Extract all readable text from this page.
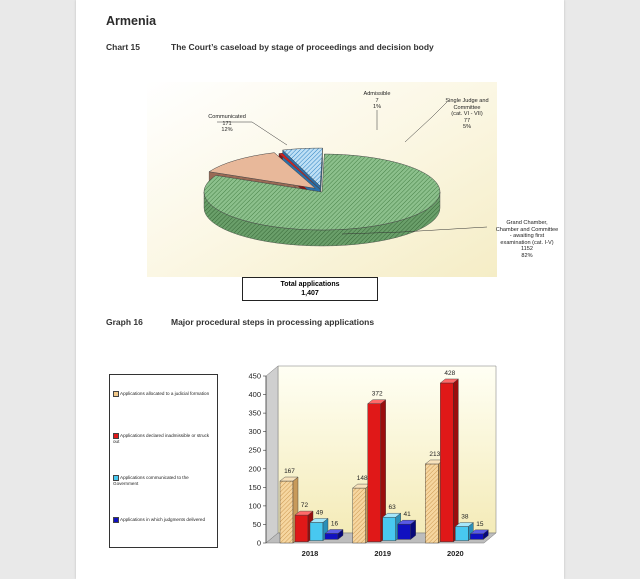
Armenia
Chart 15	The Court’s caseload by stage of proceedings and decision body
Grand Chamber,
Chamber and Committee
- awaiting first
examination (cat. I-V)
1152
82%
Communicated
171
12%
Admissible
7
1%
Single Judge and
Committee
(cat. VI - VII)
77
5%
Total applications
1,407
Graph 16	Major procedural steps in processing applications
Applications allocated to a judicial formation
Applications declared inadmissible or struck out
Applications communicated to the Government
Applications in which judgments delivered
0
50
100
150
200
250
300
350
400
450
2018	2019	2020
167
72
49
16
148
372
63
41
213
428
38
15
